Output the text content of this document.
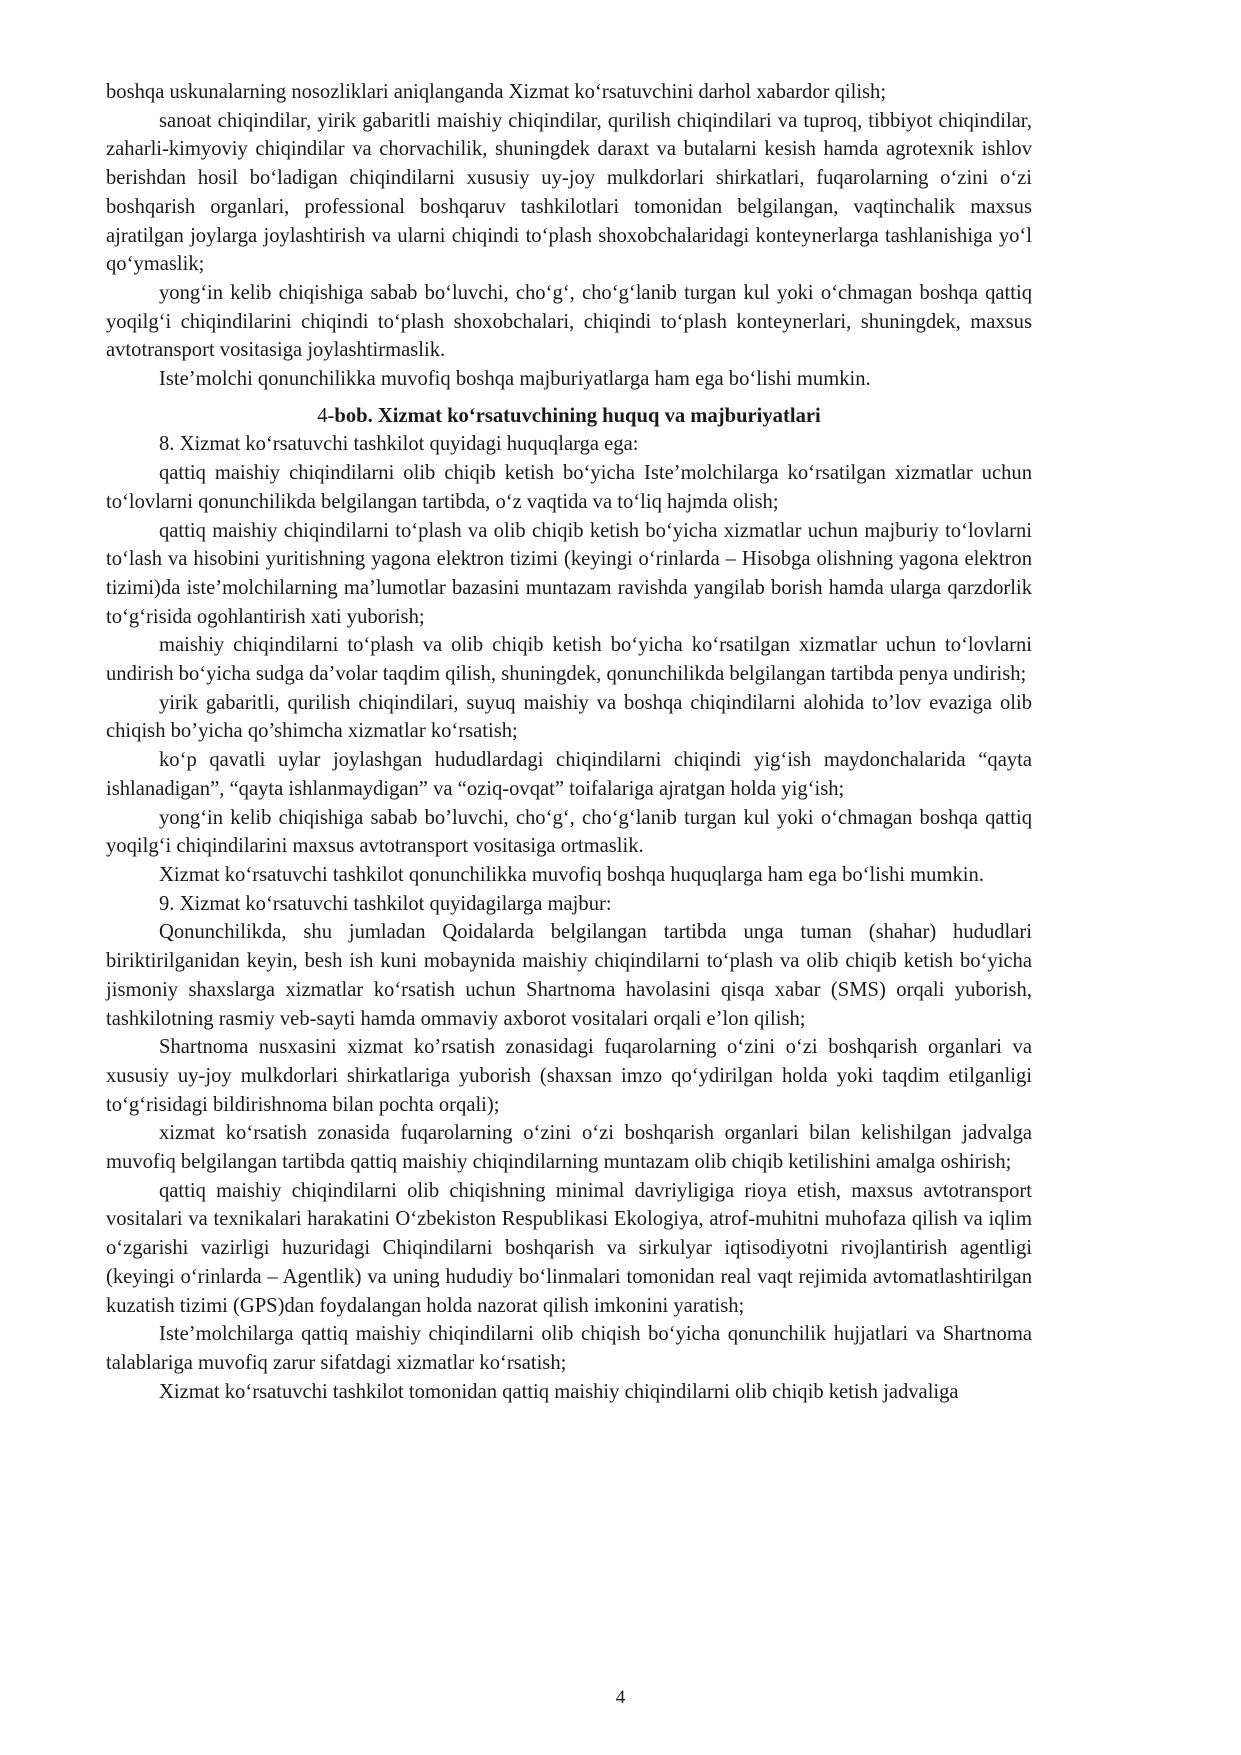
boshqa uskunalarning nosozliklari aniqlanganda Xizmat ko‘rsatuvchini darhol xabardor qilish;

sanoat chiqindilar, yirik gabaritli maishiy chiqindilar, qurilish chiqindilari va tuproq, tibbiyot chiqindilar, zaharli-kimyoviy chiqindilar va chorvachilik, shuningdek daraxt va butalarni kesish hamda agrotexnik ishlov berishdan hosil bo‘ladigan chiqindilarni xususiy uy-joy mulkdorlari shirkatlari, fuqarolarning o‘zini o‘zi boshqarish organlari, professional boshqaruv tashkilotlari tomonidan belgilangan, vaqtinchalik maxsus ajratilgan joylarga joylashtirish va ularni chiqindi to‘plash shoxobchalaridagi konteynerlarga tashlanishiga yo‘l qo‘ymaslik;

yong‘in kelib chiqishiga sabab bo‘luvchi, cho‘g‘, cho‘g‘lanib turgan kul yoki o‘chmagan boshqa qattiq yoqilg‘i chiqindilarini chiqindi to‘plash shoxobchalari, chiqindi to‘plash konteynerlari, shuningdek, maxsus avtotransport vositasiga joylashtirmaslik.

Iste’molchi qonunchilikka muvofiq boshqa majburiyatlarga ham ega bo‘lishi mumkin.

4-bob. Xizmat ko‘rsatuvchining huquq va majburiyatlari

8. Xizmat ko‘rsatuvchi tashkilot quyidagi huquqlarga ega:

qattiq maishiy chiqindilarni olib chiqib ketish bo‘yicha Iste’molchilarga ko‘rsatilgan xizmatlar uchun to‘lovlarni qonunchilikda belgilangan tartibda, o‘z vaqtida va to‘liq hajmda olish;

qattiq maishiy chiqindilarni to‘plash va olib chiqib ketish bo‘yicha xizmatlar uchun majburiy to‘lovlarni to‘lash va hisobini yuritishning yagona elektron tizimi (keyingi o‘rinlarda – Hisobga olishning yagona elektron tizimi)da iste’molchilarning ma’lumotlar bazasini muntazam ravishda yangilab borish hamda ularga qarzdorlik to‘g‘risida ogohlantirish xati yuborish;

maishiy chiqindilarni to‘plash va olib chiqib ketish bo‘yicha ko‘rsatilgan xizmatlar uchun to‘lovlarni undirish bo‘yicha sudga da’volar taqdim qilish, shuningdek, qonunchilikda belgilangan tartibda penya undirish;

yirik gabaritli, qurilish chiqindilari, suyuq maishiy va boshqa chiqindilarni alohida to’lov evaziga olib chiqish bo’yicha qo’shimcha xizmatlar ko‘rsatish;

ko‘p qavatli uylar joylashgan hududlardagi chiqindilarni chiqindi yig‘ish maydonchalarida “qayta ishlanadigan”, “qayta ishlanmaydigan” va “oziq-ovqat” toifalariga ajratgan holda yig‘ish;

yong‘in kelib chiqishiga sabab bo’luvchi, cho‘g‘, cho‘g‘lanib turgan kul yoki o‘chmagan boshqa qattiq yoqilg‘i chiqindilarini maxsus avtotransport vositasiga ortmaslik.

Xizmat ko‘rsatuvchi tashkilot qonunchilikka muvofiq boshqa huquqlarga ham ega bo‘lishi mumkin.

9. Xizmat ko‘rsatuvchi tashkilot quyidagilarga majbur:

Qonunchilikda, shu jumladan Qoidalarda belgilangan tartibda unga tuman (shahar) hududlari biriktirilganidan keyin, besh ish kuni mobaynida maishiy chiqindilarni to‘plash va olib chiqib ketish bo‘yicha jismoniy shaxslarga xizmatlar ko‘rsatish uchun Shartnoma havolasini qisqa xabar (SMS) orqali yuborish, tashkilotning rasmiy veb-sayti hamda ommaviy axborot vositalari orqali e’lon qilish;

Shartnoma nusxasini xizmat ko’rsatish zonasidagi fuqarolarning o‘zini o‘zi boshqarish organlari va xususiy uy-joy mulkdorlari shirkatlariga yuborish (shaxsan imzo qo‘ydirilgan holda yoki taqdim etilganligi to‘g‘risidagi bildirishnoma bilan pochta orqali);

xizmat ko‘rsatish zonasida fuqarolarning o‘zini o‘zi boshqarish organlari bilan kelishilgan jadvalga muvofiq belgilangan tartibda qattiq maishiy chiqindilarning muntazam olib chiqib ketilishini amalga oshirish;

qattiq maishiy chiqindilarni olib chiqishning minimal davriyligiga rioya etish, maxsus avtotransport vositalari va texnikalari harakatini O‘zbekiston Respublikasi Ekologiya, atrof-muhitni muhofaza qilish va iqlim o‘zgarishi vazirligi huzuridagi Chiqindilarni boshqarish va sirkulyar iqtisodiyotni rivojlantirish agentligi (keyingi o‘rinlarda – Agentlik) va uning hududiy bo‘linmalari tomonidan real vaqt rejimida avtomatlashtirilgan kuzatish tizimi (GPS)dan foydalangan holda nazorat qilish imkonini yaratish;

Iste’molchilarga qattiq maishiy chiqindilarni olib chiqish bo‘yicha qonunchilik hujjatlari va Shartnoma talablariga muvofiq zarur sifatdagi xizmatlar ko‘rsatish;

Xizmat ko‘rsatuvchi tashkilot tomonidan qattiq maishiy chiqindilarni olib chiqib ketish jadvaliga

4
